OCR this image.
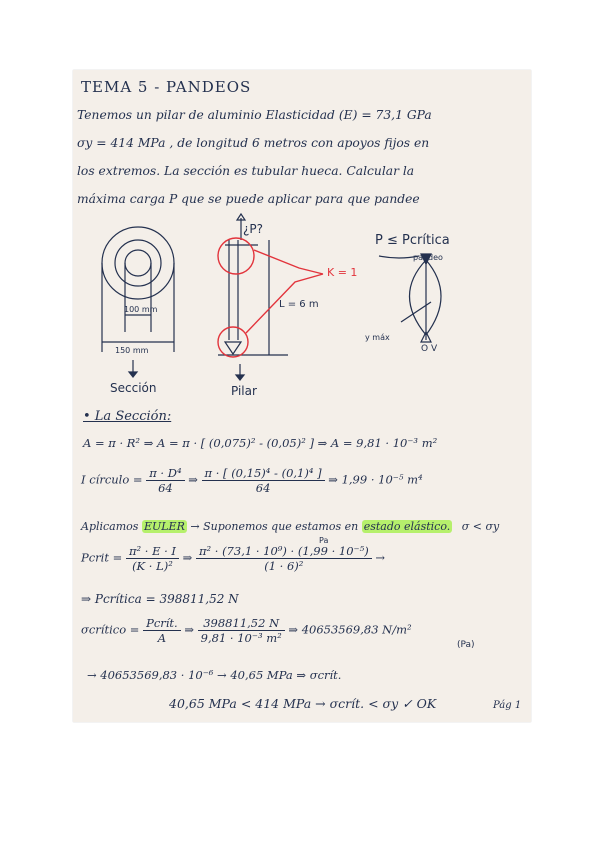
TEMA 5 - PANDEOS
Tenemos un pilar de aluminio Elasticidad (E) = 73,1 GPa
σy = 414 MPa , de longitud 6 metros con apoyos fijos en
los extremos. La sección es tubular hueca. Calcular la
máxima carga P que se puede aplicar para que pandee
100 mm
150 mm
Sección
¿P?
K = 1
L = 6 m
Pilar
P ≤ Pcrítica
pandeo
y máx
O V
• La Sección:
A = π · R² ⇒ A = π · [ (0,075)² - (0,05)² ] ⇒ A = 9,81 · 10⁻³ m²
I círculo = $\frac{\text{π · D⁴}}{64}$ ⇒ $\frac{\text{π · [ (0,15)⁴ - (0,1)⁴ ]}}{64}$ ⇒ 1,99 · 10⁻⁵ m⁴
Aplicamos EULER → Suponemos que estamos en estado elástico. σ < σy
Pcrit = $\frac{\text{π² · E · I}}{\text{(K · L)²}}$ ⇒ $\frac{\text{π² · (73,1 · 10⁹) · (1,99 · 10⁻⁵)}}{\text{(1 · 6)²}}$ →
Pa
⇒ Pcrítica = 398811,52 N
σcrítico = $\frac{\text{Pcrít.}}{A}$ ⇒ $\frac{398811,52 N}{\text{9,81 · 10⁻³ m²}}$ ⇒ 40653569,83 N/m²
(Pa)
→ 40653569,83 · 10⁻⁶ → 40,65 MPa ⇒ σcrít.
40,65 MPa < 414 MPa → σcrít. < σy ✓ OK	Pág 1
